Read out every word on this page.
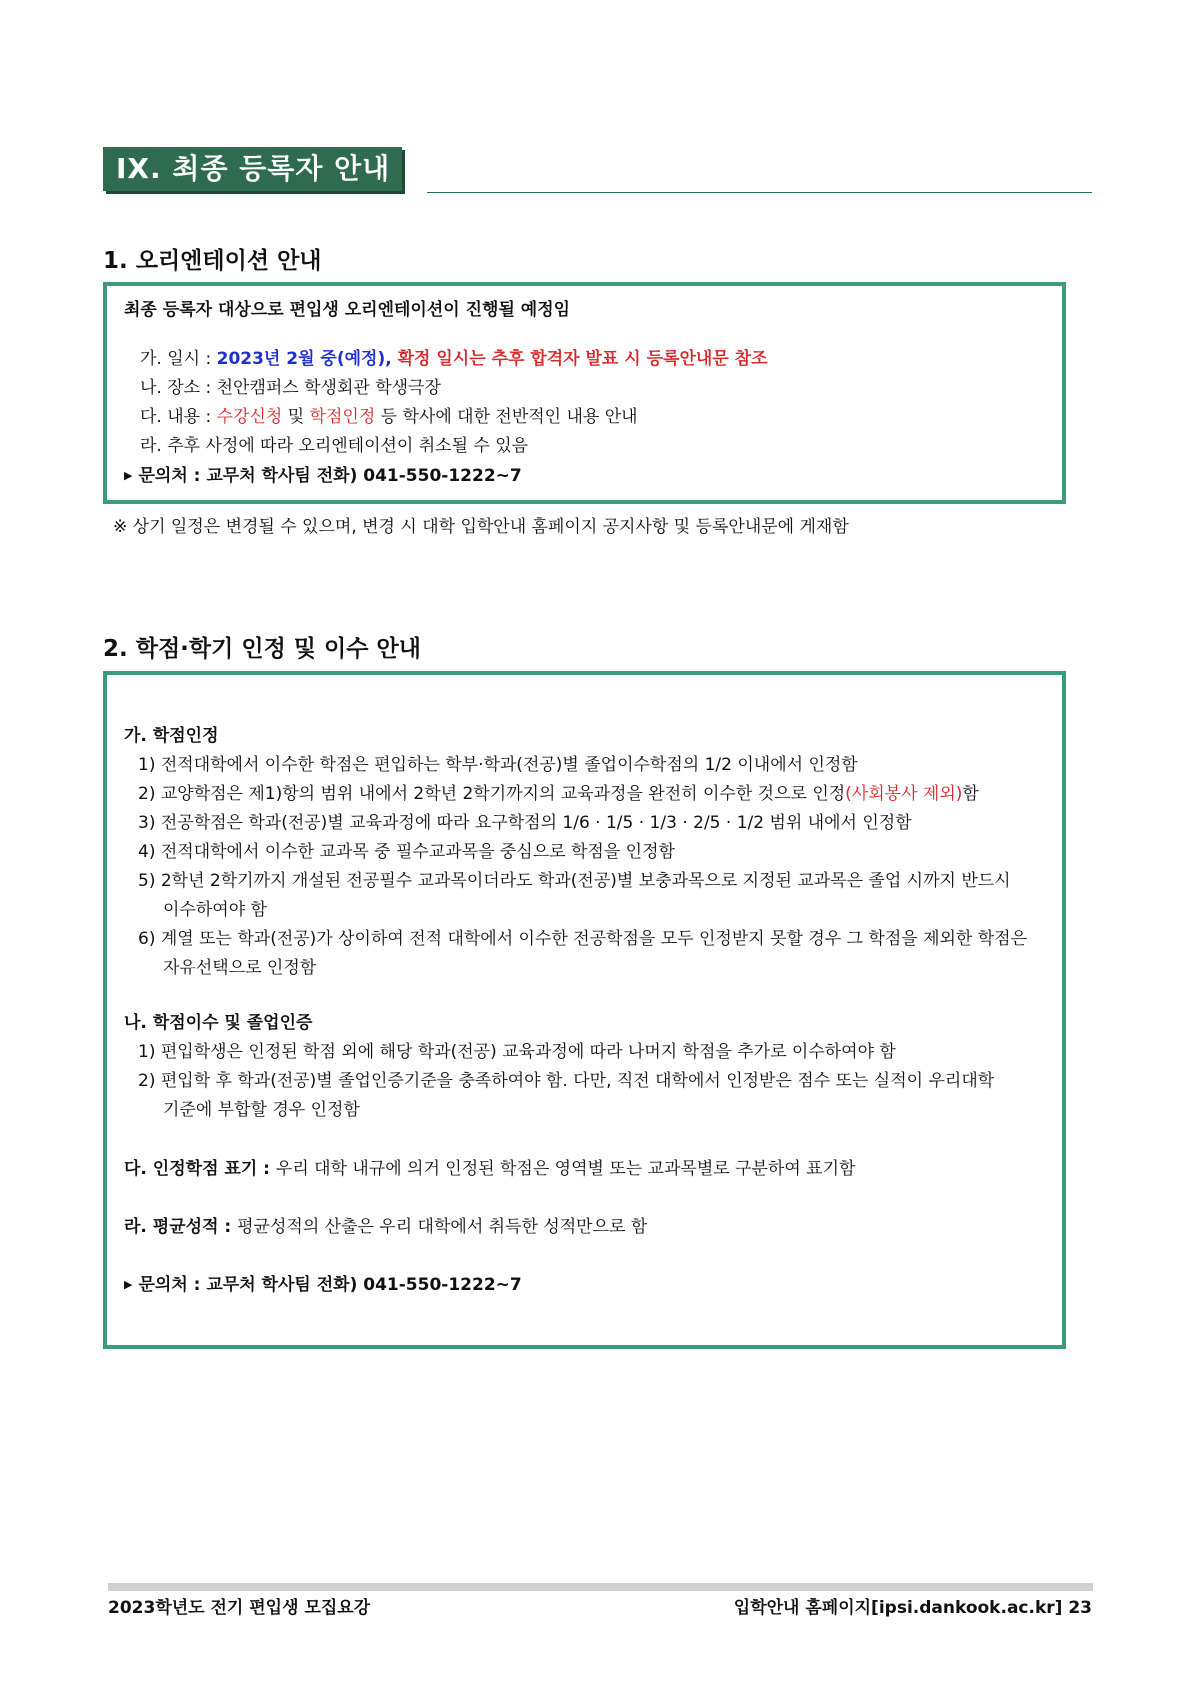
IX. 최종 등록자 안내
1. 오리엔테이션 안내
최종 등록자 대상으로 편입생 오리엔테이션이 진행될 예정임
가. 일시 : 2023년 2월 중(예정), 확정 일시는 추후 합격자 발표 시 등록안내문 참조
나. 장소 : 천안캠퍼스 학생회관 학생극장
다. 내용 : 수강신청 및 학점인정 등 학사에 대한 전반적인 내용 안내
라. 추후 사정에 따라 오리엔테이션이 취소될 수 있음
▶ 문의처 : 교무처 학사팀 전화) 041-550-1222~7
※ 상기 일정은 변경될 수 있으며, 변경 시 대학 입학안내 홈페이지 공지사항 및 등록안내문에 게재함
2. 학점·학기 인정 및 이수 안내
가. 학점인정
1) 전적대학에서 이수한 학점은 편입하는 학부·학과(전공)별 졸업이수학점의 1/2 이내에서 인정함
2) 교양학점은 제1)항의 범위 내에서 2학년 2학기까지의 교육과정을 완전히 이수한 것으로 인정(사회봉사 제외)함
3) 전공학점은 학과(전공)별 교육과정에 따라 요구학점의 1/6 · 1/5 · 1/3 · 2/5 · 1/2 범위 내에서 인정함
4) 전적대학에서 이수한 교과목 중 필수교과목을 중심으로 학점을 인정함
5) 2학년 2학기까지 개설된 전공필수 교과목이더라도 학과(전공)별 보충과목으로 지정된 교과목은 졸업 시까지 반드시
이수하여야 함
6) 계열 또는 학과(전공)가 상이하여 전적 대학에서 이수한 전공학점을 모두 인정받지 못할 경우 그 학점을 제외한 학점은
자유선택으로 인정함
나. 학점이수 및 졸업인증
1) 편입학생은 인정된 학점 외에 해당 학과(전공) 교육과정에 따라 나머지 학점을 추가로 이수하여야 함
2) 편입학 후 학과(전공)별 졸업인증기준을 충족하여야 함. 다만, 직전 대학에서 인정받은 점수 또는 실적이 우리대학
기준에 부합할 경우 인정함
다. 인정학점 표기 : 우리 대학 내규에 의거 인정된 학점은 영역별 또는 교과목별로 구분하여 표기함
라. 평균성적 : 평균성적의 산출은 우리 대학에서 취득한 성적만으로 함
▶ 문의처 : 교무처 학사팀 전화) 041-550-1222~7
2023학년도 전기 편입생 모집요강	입학안내 홈페이지[ipsi.dankook.ac.kr] 23
